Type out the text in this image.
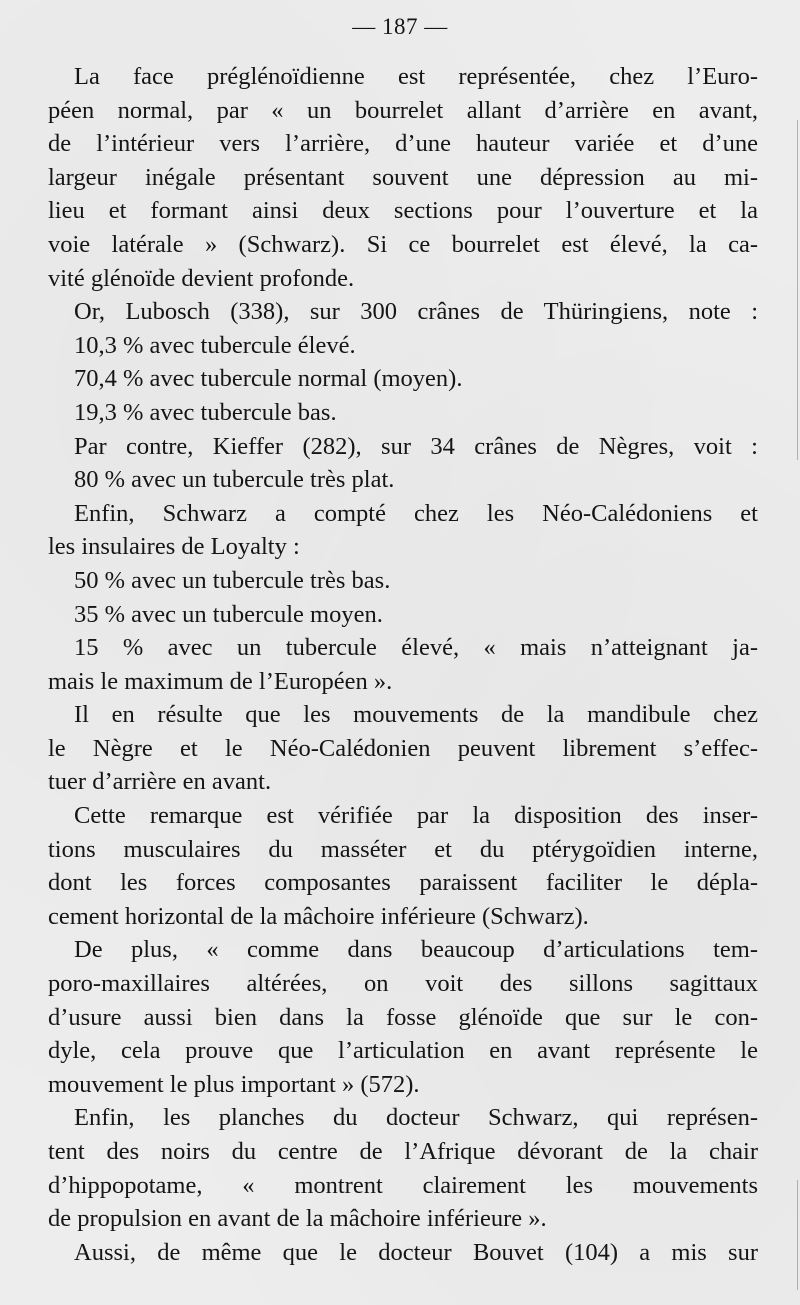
— 187 —
La face préglénoïdienne est représentée, chez l’Euro-
péen normal, par « un bourrelet allant d’arrière en avant,
de l’intérieur vers l’arrière, d’une hauteur variée et d’une
largeur inégale présentant souvent une dépression au mi-
lieu et formant ainsi deux sections pour l’ouverture et la
voie latérale » (Schwarz). Si ce bourrelet est élevé, la ca-
vité glénoïde devient profonde.
Or, Lubosch (338), sur 300 crânes de Thüringiens, note :
10,3 % avec tubercule élevé.
70,4 % avec tubercule normal (moyen).
19,3 % avec tubercule bas.
Par contre, Kieffer (282), sur 34 crânes de Nègres, voit :
80 % avec un tubercule très plat.
Enfin, Schwarz a compté chez les Néo-Calédoniens et
les insulaires de Loyalty :
50 % avec un tubercule très bas.
35 % avec un tubercule moyen.
15 % avec un tubercule élevé, « mais n’atteignant ja-
mais le maximum de l’Européen ».
Il en résulte que les mouvements de la mandibule chez
le Nègre et le Néo-Calédonien peuvent librement s’effec-
tuer d’arrière en avant.
Cette remarque est vérifiée par la disposition des inser-
tions musculaires du masséter et du ptérygoïdien interne,
dont les forces composantes paraissent faciliter le dépla-
cement horizontal de la mâchoire inférieure (Schwarz).
De plus, « comme dans beaucoup d’articulations tem-
poro-maxillaires altérées, on voit des sillons sagittaux
d’usure aussi bien dans la fosse glénoïde que sur le con-
dyle, cela prouve que l’articulation en avant représente le
mouvement le plus important » (572).
Enfin, les planches du docteur Schwarz, qui représen-
tent des noirs du centre de l’Afrique dévorant de la chair
d’hippopotame, « montrent clairement les mouvements
de propulsion en avant de la mâchoire inférieure ».
Aussi, de même que le docteur Bouvet (104) a mis sur
